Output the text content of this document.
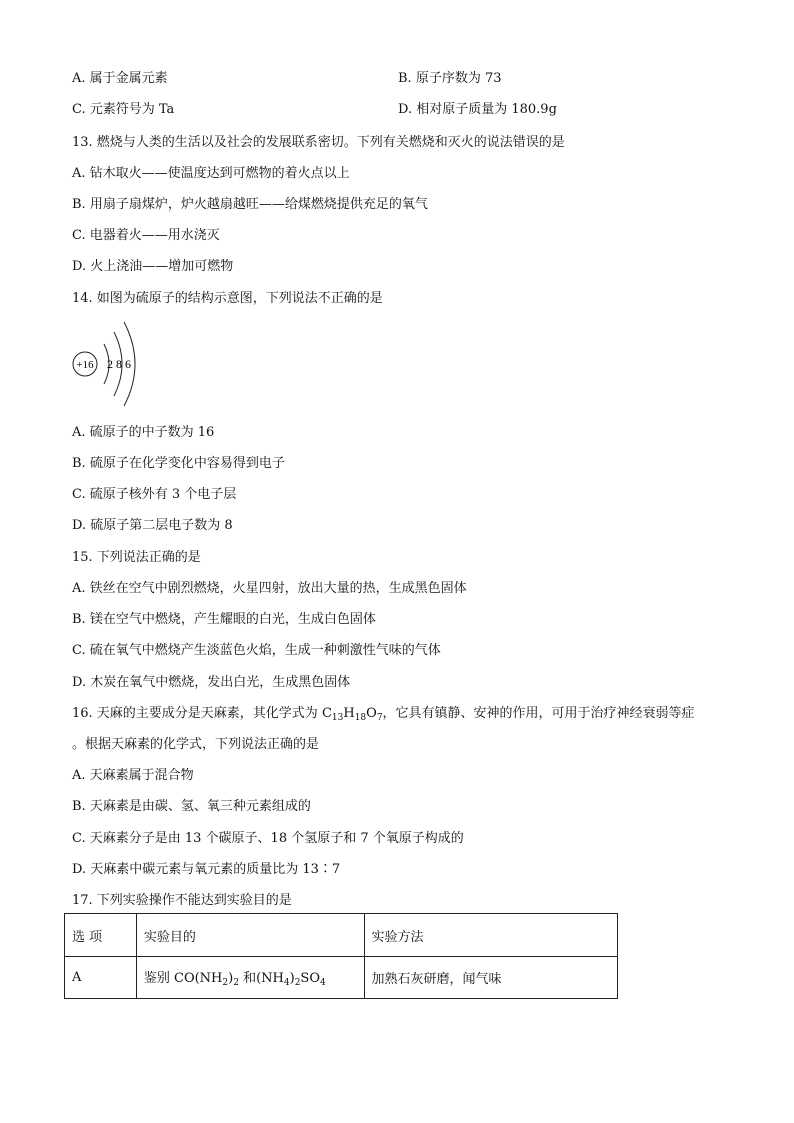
A. 属于金属元素	B. 原子序数为 73
C. 元素符号为 Ta	D. 相对原子质量为 180.9g
13. 燃烧与人类的生活以及社会的发展联系密切。下列有关燃烧和灭火的说法错误的是
A. 钻木取火——使温度达到可燃物的着火点以上
B. 用扇子扇煤炉，炉火越扇越旺——给煤燃烧提供充足的氧气
C. 电器着火——用水浇灭
D. 火上浇油——增加可燃物
14. 如图为硫原子的结构示意图，下列说法不正确的是
+16 2 8 6
A. 硫原子的中子数为 16
B. 硫原子在化学变化中容易得到电子
C. 硫原子核外有 3 个电子层
D. 硫原子第二层电子数为 8
15. 下列说法正确的是
A. 铁丝在空气中剧烈燃烧，火星四射，放出大量的热，生成黑色固体
B. 镁在空气中燃烧，产生耀眼的白光，生成白色固体
C. 硫在氧气中燃烧产生淡蓝色火焰，生成一种刺激性气味的气体
D. 木炭在氧气中燃烧，发出白光，生成黑色固体
16. 天麻的主要成分是天麻素，其化学式为 $C_{13}H_{18}O_7$，它具有镇静、安神的作用，可用于治疗神经衰弱等症
。根据天麻素的化学式，下列说法正确的是
A. 天麻素属于混合物
B. 天麻素是由碳、氢、氧三种元素组成的
C. 天麻素分子是由 13 个碳原子、18 个氢原子和 7 个氧原子构成的
D. 天麻素中碳元素与氧元素的质量比为 13∶7
17. 下列实验操作不能达到实验目的是
选 项	实验目的	实验方法
A	鉴别 $CO(NH_2)_2$ 和$(NH_4)_2SO_4$	加熟石灰研磨，闻气味
